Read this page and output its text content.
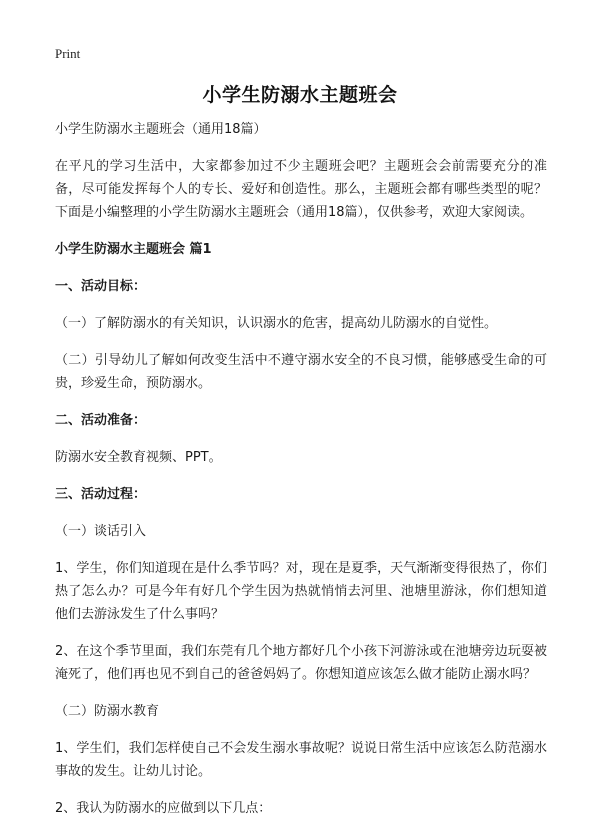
Print
小学生防溺水主题班会

小学生防溺水主题班会（通用18篇）

在平凡的学习生活中，大家都参加过不少主题班会吧？主题班会会前需要充分的准备，尽可能发挥每个人的专长、爱好和创造性。那么，主题班会都有哪些类型的呢？下面是小编整理的小学生防溺水主题班会（通用18篇），仅供参考，欢迎大家阅读。

小学生防溺水主题班会 篇1
一、活动目标：

（一）了解防溺水的有关知识，认识溺水的危害，提高幼儿防溺水的自觉性。

（二）引导幼儿了解如何改变生活中不遵守溺水安全的不良习惯，能够感受生命的可贵，珍爱生命，预防溺水。

二、活动准备：

防溺水安全教育视频、PPT。

三、活动过程：

（一）谈话引入

1、学生，你们知道现在是什么季节吗？对，现在是夏季，天气渐渐变得很热了，你们热了怎么办？可是今年有好几个学生因为热就悄悄去河里、池塘里游泳，你们想知道他们去游泳发生了什么事吗？

2、在这个季节里面，我们东莞有几个地方都好几个小孩下河游泳或在池塘旁边玩耍被淹死了，他们再也见不到自己的爸爸妈妈了。你想知道应该怎么做才能防止溺水吗？

（二）防溺水教育

1、学生们，我们怎样使自己不会发生溺水事故呢？说说日常生活中应该怎么防范溺水事故的发生。让幼儿讨论。

2、我认为防溺水的应做到以下几点：
